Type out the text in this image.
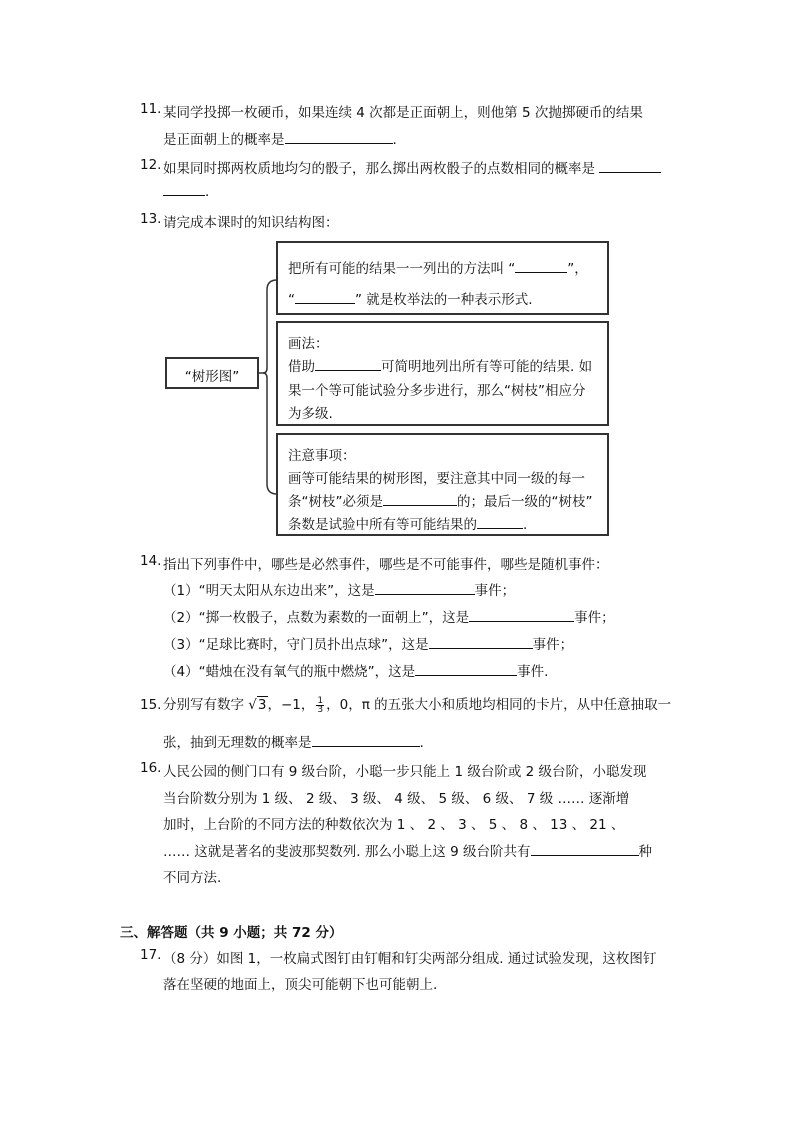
11. 某同学投掷一枚硬币，如果连续 4 次都是正面朝上，则他第 5 次抛掷硬币的结果
是正面朝上的概率是	.
12. 如果同时掷两枚质地均匀的骰子，那么掷出两枚骰子的点数相同的概率是
.
13. 请完成本课时的知识结构图：
“树形图”
把所有可能的结果一一列出的方法叫 “	”，
“	” 就是枚举法的一种表示形式.
画法：
借助	可简明地列出所有等可能的结果. 如
果一个等可能试验分多步进行，那么“树枝”相应分
为多级.
注意事项：
画等可能结果的树形图，要注意其中同一级的每一
条“树枝”必须是	的；最后一级的“树枝”
条数是试验中所有等可能结果的	.
14. 指出下列事件中，哪些是必然事件，哪些是不可能事件，哪些是随机事件：
（1）“明天太阳从东边出来”，这是	事件；
（2）“掷一枚骰子，点数为素数的一面朝上”，这是	事件；
（3）“足球比赛时，守门员扑出点球”，这是	事件；
（4）“蜡烛在没有氧气的瓶中燃烧”，这是	事件.
15. 分别写有数字 √3，−1， $\frac{1}{3}$ ，0，π 的五张大小和质地均相同的卡片，从中任意抽取一
张，抽到无理数的概率是	.
16. 人民公园的侧门口有 9 级台阶，小聪一步只能上 1 级台阶或 2 级台阶，小聪发现
当台阶数分别为 1 级、 2 级、 3 级、 4 级、 5 级、 6 级、 7 级 …… 逐渐增
加时，上台阶的不同方法的种数依次为 1 、 2 、 3 、 5 、 8 、 13 、 21 、
…… 这就是著名的斐波那契数列. 那么小聪上这 9 级台阶共有	种
不同方法.
三、解答题（共 9 小题；共 72 分）
17. （8 分）如图 1，一枚扁式图钉由钉帽和钉尖两部分组成. 通过试验发现，这枚图钉
落在坚硬的地面上，顶尖可能朝下也可能朝上.
